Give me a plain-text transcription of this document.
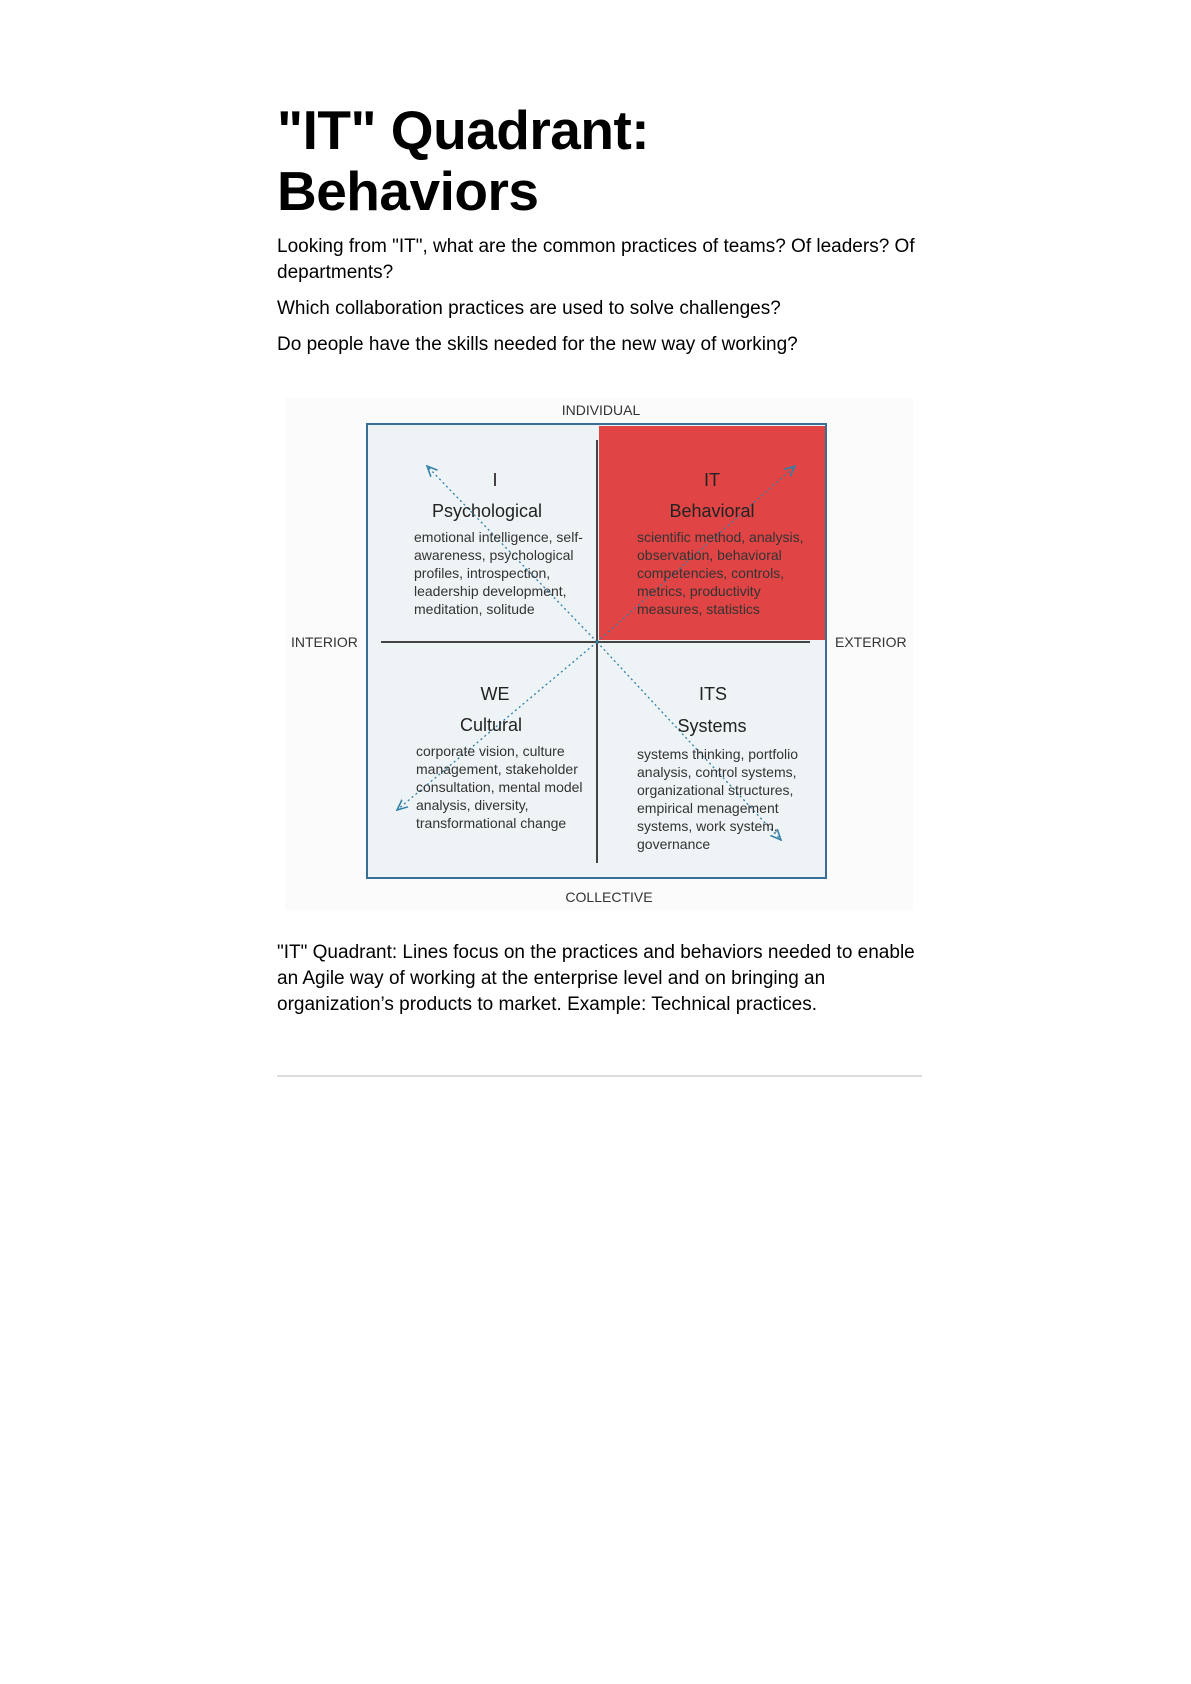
"IT" Quadrant: Behaviors

Looking from "IT", what are the common practices of teams? Of leaders? Of departments?

Which collaboration practices are used to solve challenges?

Do people have the skills needed for the new way of working?

INDIVIDUAL
COLLECTIVE
INTERIOR	EXTERIOR
I
Psychological
emotional intelligence, self-
awareness, psychological
profiles, introspection,
leadership development,
meditation, solitude
IT
Behavioral
scientific method, analysis,
observation, behavioral
competencies, controls,
metrics, productivity
measures, statistics
WE
Cultural
corporate vision, culture
management, stakeholder
consultation, mental model
analysis, diversity,
transformational change
ITS
Systems
systems thinking, portfolio
analysis, control systems,
organizational structures,
empirical menagement
systems, work system,
governance

"IT" Quadrant: Lines focus on the practices and behaviors needed to enable an Agile way of working at the enterprise level and on bringing an organization’s products to market. Example: Technical practices.
